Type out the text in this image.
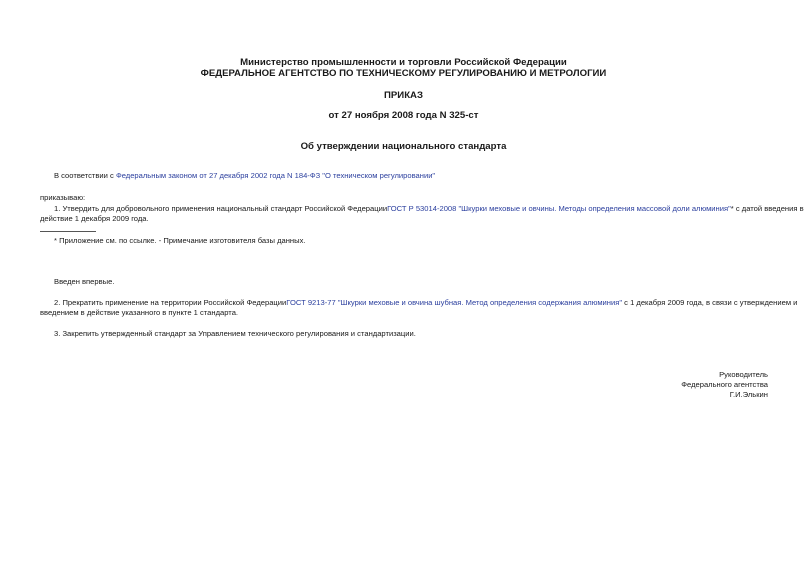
Министерство промышленности и торговли Российской Федерации
ФЕДЕРАЛЬНОЕ АГЕНТСТВО ПО ТЕХНИЧЕСКОМУ РЕГУЛИРОВАНИЮ И МЕТРОЛОГИИ
ПРИКАЗ
от 27 ноября 2008 года N 325-ст
Об утверждении национального стандарта
В соответствии с Федеральным законом от 27 декабря 2002 года N 184-ФЗ "О техническом регулировании"
приказываю:
1. Утвердить для добровольного применения национальный стандарт Российской ФедерацииГОСТ Р 53014-2008 "Шкурки меховые и овчины. Методы определения массовой доли алюминия"* с датой введения в
действие 1 декабря 2009 года.
* Приложение см. по ссылке. - Примечание изготовителя базы данных.
Введен впервые.
2. Прекратить применение на территории Российской ФедерацииГОСТ 9213-77 "Шкурки меховые и овчина шубная. Метод определения содержания алюминия" с 1 декабря 2009 года, в связи с утверждением и
введением в действие указанного в пункте 1 стандарта.
3. Закрепить утвержденный стандарт за Управлением технического регулирования и стандартизации.
Руководитель
Федерального агентства
Г.И.Элькин
